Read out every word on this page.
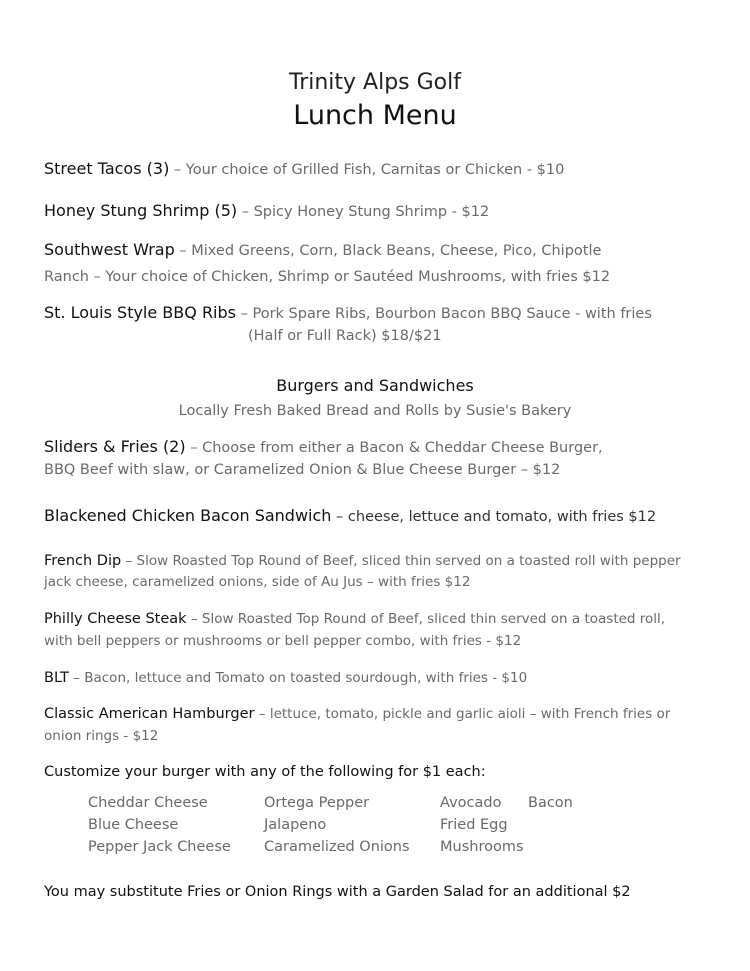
Trinity Alps Golf
Lunch Menu
Street Tacos (3) – Your choice of Grilled Fish, Carnitas or Chicken - $10
Honey Stung Shrimp (5) – Spicy Honey Stung Shrimp - $12
Southwest Wrap – Mixed Greens, Corn, Black Beans, Cheese, Pico, Chipotle
Ranch – Your choice of Chicken, Shrimp or Sautéed Mushrooms, with fries $12
St. Louis Style BBQ Ribs – Pork Spare Ribs, Bourbon Bacon BBQ Sauce - with fries
(Half or Full Rack) $18/$21
Burgers and Sandwiches
Locally Fresh Baked Bread and Rolls by Susie's Bakery
Sliders & Fries (2) – Choose from either a Bacon & Cheddar Cheese Burger,
BBQ Beef with slaw, or Caramelized Onion & Blue Cheese Burger – $12
Blackened Chicken Bacon Sandwich – cheese, lettuce and tomato, with fries $12
French Dip – Slow Roasted Top Round of Beef, sliced thin served on a toasted roll with pepper
jack cheese, caramelized onions, side of Au Jus – with fries $12
Philly Cheese Steak – Slow Roasted Top Round of Beef, sliced thin served on a toasted roll,
with bell peppers or mushrooms or bell pepper combo, with fries - $12
BLT – Bacon, lettuce and Tomato on toasted sourdough, with fries - $10
Classic American Hamburger – lettuce, tomato, pickle and garlic aioli – with French fries or
onion rings - $12
Customize your burger with any of the following for $1 each:
Cheddar Cheese
Blue Cheese
Pepper Jack Cheese
Ortega Pepper
Jalapeno
Caramelized Onions
Avocado
Fried Egg
Mushrooms
Bacon
You may substitute Fries or Onion Rings with a Garden Salad for an additional $2
